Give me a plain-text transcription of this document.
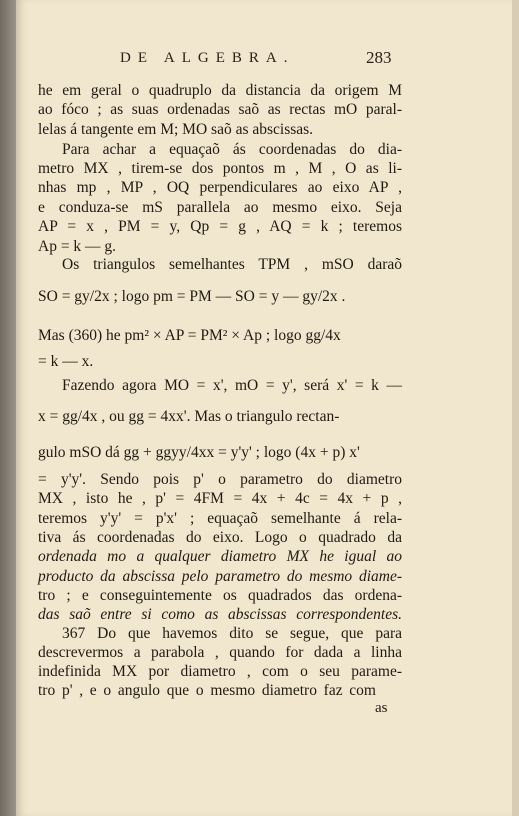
DE ALGEBRA.	283
he em geral o quadruplo da distancia da origem M
ao fóco ; as suas ordenadas saõ as rectas mO paral-
lelas á tangente em M; MO saõ as abscissas.
Para achar a equaçaõ ás coordenadas do dia-
metro MX , tirem-se dos pontos m , M , O as li-
nhas mp , MP , OQ perpendiculares ao eixo AP ,
e conduza-se mS parallela ao mesmo eixo. Seja
AP = x , PM = y, Qp = g , AQ = k ; teremos
Ap = k — g.
Os triangulos semelhantes TPM , mSO daraõ
SO = gy/2x ; logo pm = PM — SO = y — gy/2x .
Mas (360) he pm² × AP = PM² × Ap ; logo gg/4x
= k — x.
Fazendo agora MO = x', mO = y', será x' = k —
x = gg/4x , ou gg = 4xx'. Mas o triangulo rectan-
gulo mSO dá gg + ggyy/4xx = y'y' ; logo (4x + p) x'
= y'y'. Sendo pois p' o parametro do diametro
MX , isto he , p' = 4FM = 4x + 4c = 4x + p ,
teremos y'y' = p'x' ; equaçaõ semelhante á rela-
tiva ás coordenadas do eixo. Logo o quadrado da
ordenada mo a qualquer diametro MX he igual ao
producto da abscissa pelo parametro do mesmo diame-
tro ; e conseguintemente os quadrados das ordena-
das saõ entre si como as abscissas correspondentes.
367 Do que havemos dito se segue, que para
descrevermos a parabola , quando for dada a linha
indefinida MX por diametro , com o seu parame-
tro p' , e o angulo que o mesmo diametro faz com
as
